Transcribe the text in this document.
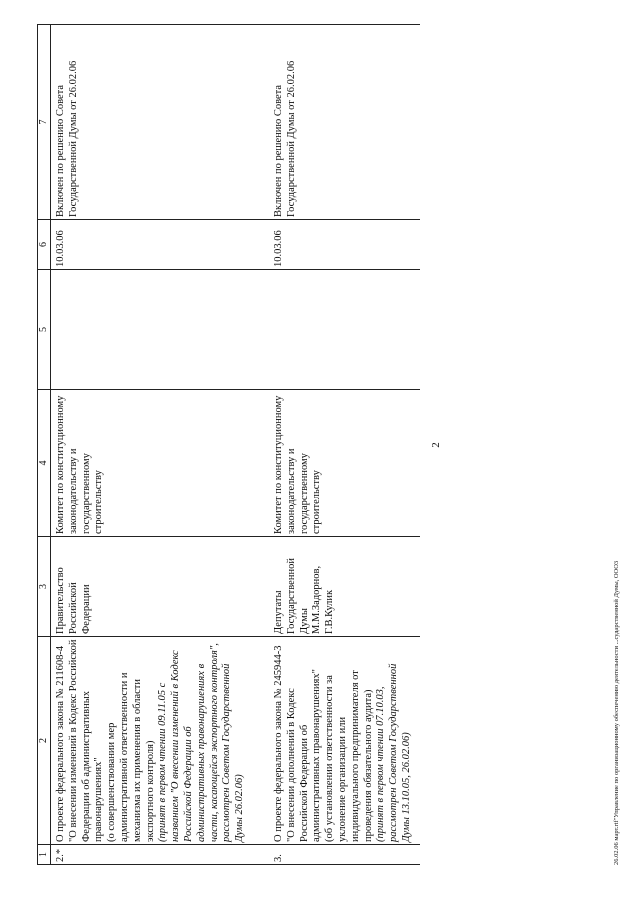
1	2	3	4	5	6	7
2.*	О проекте федерального закона № 211608-4 "О внесении изменений в Кодекс Российской Федерации об административных правонарушениях" (о совершенствовании мер административной ответственности и механизма их применения в области экспортного контроля) (принят в первом чтении 09.11.05 с названием "О внесении изменений в Кодекс Российской Федерации об административных правонарушениях в части, касающейся экспортного контроля", рассмотрен Советом Государственной Думы 26.02.06)	Правительство Российской Федерации	Комитет по конституционному законодательству и государственному строительству		10.03.06	Включен по решению Совета Государственной Думы от 26.02.06
3.	О проекте федерального закона № 245944-3 "О внесении дополнений в Кодекс Российской Федерации об административных правонарушениях" (об установлении ответственности за уклонение организации или индивидуального предпринимателя от проведения обязательного аудита) (принят в первом чтении 07.10.03, рассмотрен Советом Государственной Думы 13.10.05, 26.02.06)	Депутаты Государственной Думы М.М.Задорнов, Г.В.Кулик	Комитет по конституционному законодательству и государственному строительству		10.03.06	Включен по решению Совета Государственной Думы от 26.02.06
2
26.02.06 март.rtf"Управление по организационному обеспечению деятельности ...сударственной Думы, ООО3
